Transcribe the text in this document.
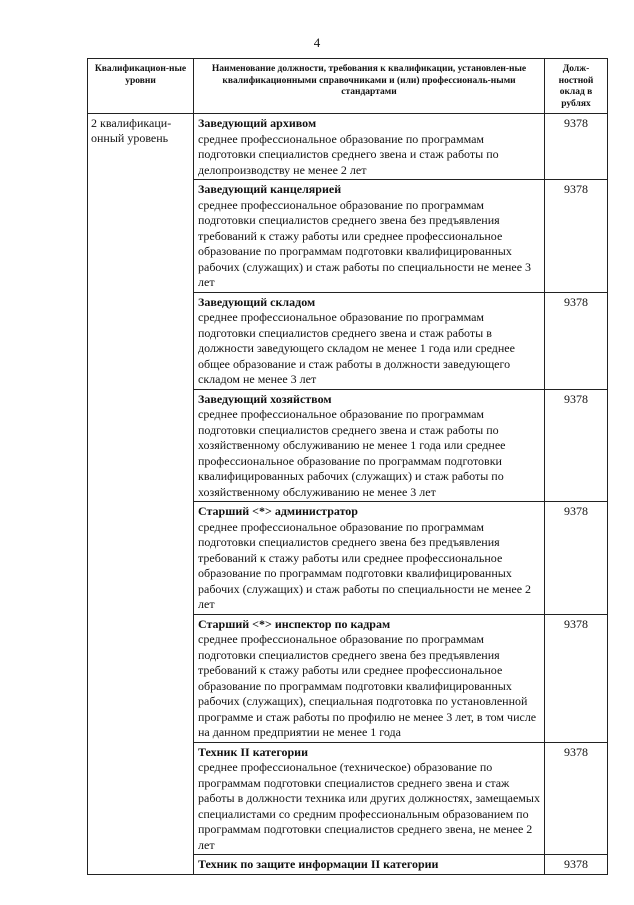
4
Квалификацион-ные уровни	Наименование должности, требования к квалификации, установлен-ные квалификационными справочниками и (или) профессиональ-ными стандартами	Долж-ностной оклад в рублях
2 квалификаци-онный уровень	Заведующий архивом
среднее профессиональное образование по программам подготовки специалистов среднего звена и стаж работы по делопроизводству не менее 2 лет	9378

	Заведующий канцелярией
среднее профессиональное образование по программам подготовки специалистов среднего звена без предъявления требований к стажу работы или среднее профессиональное образование по программам подготовки квалифицированных рабочих (служащих) и стаж работы по специальности не менее 3 лет	9378

	Заведующий складом
среднее профессиональное образование по программам подготовки специалистов среднего звена и стаж работы в должности заведующего складом не менее 1 года или среднее общее образование и стаж работы в должности заведующего складом не менее 3 лет	9378

	Заведующий хозяйством
среднее профессиональное образование по программам подготовки специалистов среднего звена и стаж работы по хозяйственному обслуживанию не менее 1 года или среднее профессиональное образование по программам подготовки квалифицированных рабочих (служащих) и стаж работы по хозяйственному обслуживанию не менее 3 лет	9378

	Старший <*> администратор
среднее профессиональное образование по программам подготовки специалистов среднего звена без предъявления требований к стажу работы или среднее профессиональное образование по программам подготовки квалифицированных рабочих (служащих) и стаж работы по специальности не менее 2 лет	9378

	Старший <*> инспектор по кадрам
среднее профессиональное образование по программам подготовки специалистов среднего звена без предъявления требований к стажу работы или среднее профессиональное образование по программам подготовки квалифицированных рабочих (служащих), специальная подготовка по установленной программе и стаж работы по профилю не менее 3 лет, в том числе на данном предприятии не менее 1 года	9378

	Техник II категории
среднее профессиональное (техническое) образование по программам подготовки специалистов среднего звена и стаж работы в должности техника или других должностях, замещаемых специалистами со средним профессиональным образованием по программам подготовки специалистов среднего звена, не менее 2 лет	9378

	Техник по защите информации II категории	9378
